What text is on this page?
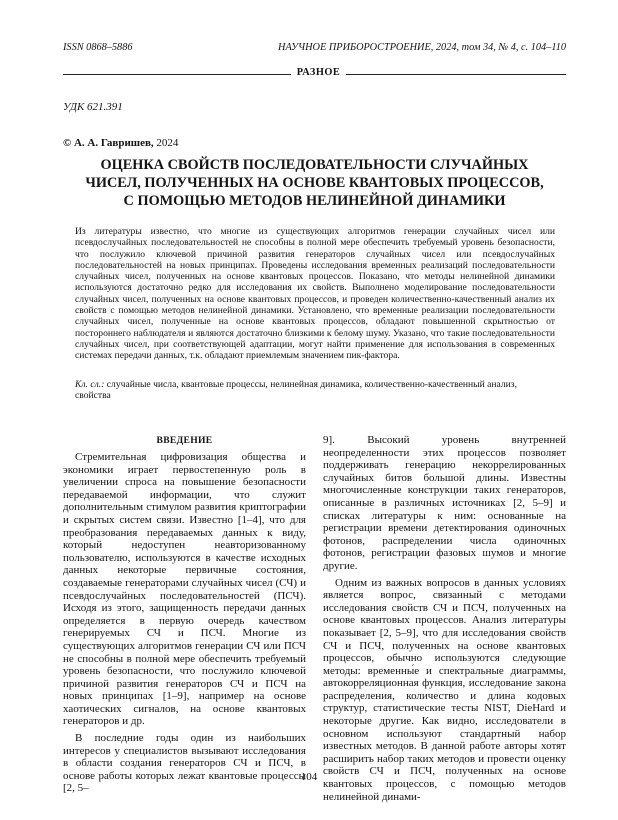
ISSN 0868–5886	НАУЧНОЕ ПРИБОРОСТРОЕНИЕ, 2024, том 34, № 4, с. 104–110
РАЗНОЕ
УДК 621.391
© А. А. Гавришев, 2024
ОЦЕНКА СВОЙСТВ ПОСЛЕДОВАТЕЛЬНОСТИ СЛУЧАЙНЫХ
ЧИСЕЛ, ПОЛУЧЕННЫХ НА ОСНОВЕ КВАНТОВЫХ ПРОЦЕССОВ,
С ПОМОЩЬЮ МЕТОДОВ НЕЛИНЕЙНОЙ ДИНАМИКИ
Из литературы известно, что многие из существующих алгоритмов генерации случайных чисел или псевдослучайных последовательностей не способны в полной мере обеспечить требуемый уровень безопасности, что послужило ключевой причиной развития генераторов случайных чисел или псевдослучайных последовательностей на новых принципах. Проведены исследования временных реализаций последовательности случайных чисел, полученных на основе квантовых процессов. Показано, что методы нелинейной динамики используются достаточно редко для исследования их свойств. Выполнено моделирование последовательности случайных чисел, полученных на основе квантовых процессов, и проведен количественно-качественный анализ их свойств с помощью методов нелинейной динамики. Установлено, что временные реализации последовательности случайных чисел, полученные на основе квантовых процессов, обладают повышенной скрытностью от постороннего наблюдателя и являются достаточно близкими к белому шуму. Указано, что такие последовательности случайных чисел, при соответствующей адаптации, могут найти применение для использования в современных системах передачи данных, т.к. обладают приемлемым значением пик-фактора.
Кл. сл.: случайные числа, квантовые процессы, нелинейная динамика, количественно-качественный анализ, свойства
ВВЕДЕНИЕ

Стремительная цифровизация общества и экономики играет первостепенную роль в увеличении спроса на повышение безопасности передаваемой информации, что служит дополнительным стимулом развития криптографии и скрытых систем связи. Известно [1–4], что для преобразования передаваемых данных к виду, который недоступен неавторизованному пользователю, используются в качестве исходных данных некоторые первичные состояния, создаваемые генераторами случайных чисел (СЧ) и псевдослучайных последовательностей (ПСЧ). Исходя из этого, защищенность передачи данных определяется в первую очередь качеством генерируемых СЧ и ПСЧ. Многие из существующих алгоритмов генерации СЧ или ПСЧ не способны в полной мере обеспечить требуемый уровень безопасности, что послужило ключевой причиной развития генераторов СЧ и ПСЧ на новых принципах [1–9], например на основе хаотических сигналов, на основе квантовых генераторов и др.

В последние годы один из наибольших интересов у специалистов вызывают исследования в области создания генераторов СЧ и ПСЧ, в основе работы которых лежат квантовые процессы [2, 5–

9]. Высокий уровень внутренней неопределенности этих процессов позволяет поддерживать генерацию некоррелированных случайных битов большой длины. Известны многочисленные конструкции таких генераторов, описанные в различных источниках [2, 5–9] и списках литературы к ним: основанные на регистрации времени детектирования одиночных фотонов, распределении числа одиночных фотонов, регистрации фазовых шумов и многие другие.

Одним из важных вопросов в данных условиях является вопрос, связанный с методами исследования свойств СЧ и ПСЧ, полученных на основе квантовых процессов. Анализ литературы показывает [2, 5–9], что для исследования свойств СЧ и ПСЧ, полученных на основе квантовых процессов, обычно используются следующие методы: временны́е и спектральные диаграммы, автокорреляционная функция, исследование закона распределения, количество и длина кодовых структур, статистические тесты NIST, DieHard и некоторые другие. Как видно, исследователи в основном используют стандартный набор известных методов. В данной работе авторы хотят расширить набор таких методов и провести оценку свойств СЧ и ПСЧ, полученных на основе квантовых процессов, с помощью методов нелинейной динами-

104
